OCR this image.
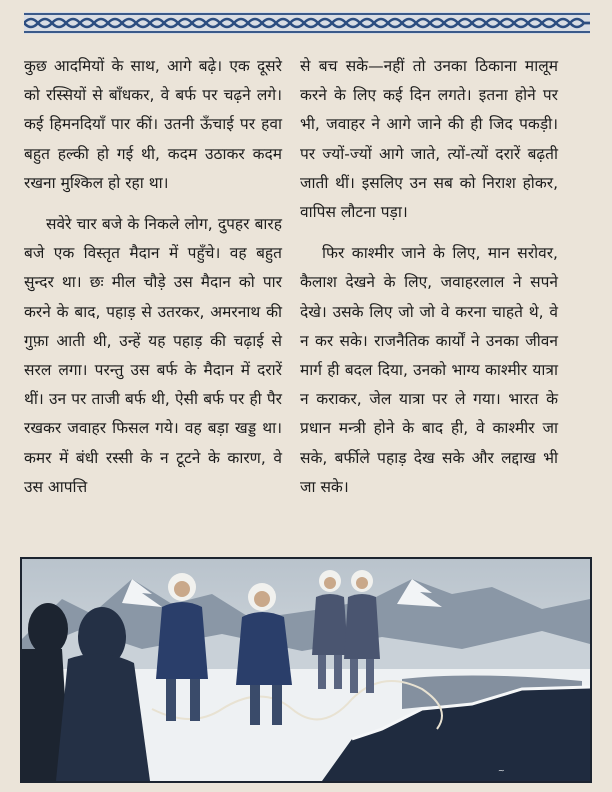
कुछ आदमियों के साथ, आगे बढ़े। एक दूसरे को रस्सियों से बाँधकर, वे बर्फ पर चढ़ने लगे। कई हिमनदियाँ पार कीं। उतनी ऊँचाई पर हवा बहुत हल्की हो गई थी, कदम उठाकर कदम रखना मुश्किल हो रहा था।

सवेरे चार बजे के निकले लोग, दुपहर बारह बजे एक विस्तृत मैदान में पहुँचे। वह बहुत सुन्दर था। छः मील चौड़े उस मैदान को पार करने के बाद, पहाड़ से उतरकर, अमरनाथ की गुफ़ा आती थी, उन्हें यह पहाड़ की चढ़ाई से सरल लगा। परन्तु उस बर्फ के मैदान में दरारें थीं। उन पर ताजी बर्फ थी, ऐसी बर्फ पर ही पैर रखकर जवाहर फिसल गये। वह बड़ा खड्ड था। कमर में बंधी रस्सी के न टूटने के कारण, वे उस आपत्ति

से बच सके—नहीं तो उनका ठिकाना मालूम करने के लिए कई दिन लगते। इतना होने पर भी, जवाहर ने आगे जाने की ही जिद पकड़ी। पर ज्यों-ज्यों आगे जाते, त्यों-त्यों दरारें बढ़ती जाती थीं। इसलिए उन सब को निराश होकर, वापिस लौटना पड़ा।

फिर काश्मीर जाने के लिए, मान सरोवर, कैलाश देखने के लिए, जवाहरलाल ने सपने देखे। उसके लिए जो जो वे करना चाहते थे, वे न कर सके। राजनैतिक कार्यों ने उनका जीवन मार्ग ही बदल दिया, उनको भाग्य काश्मीर यात्रा न कराकर, जेल यात्रा पर ले गया। भारत के प्रधान मन्त्री होने के बाद ही, वे काश्मीर जा सके, बर्फीले पहाड़ देख सके और लद्दाख भी जा सके।

~
